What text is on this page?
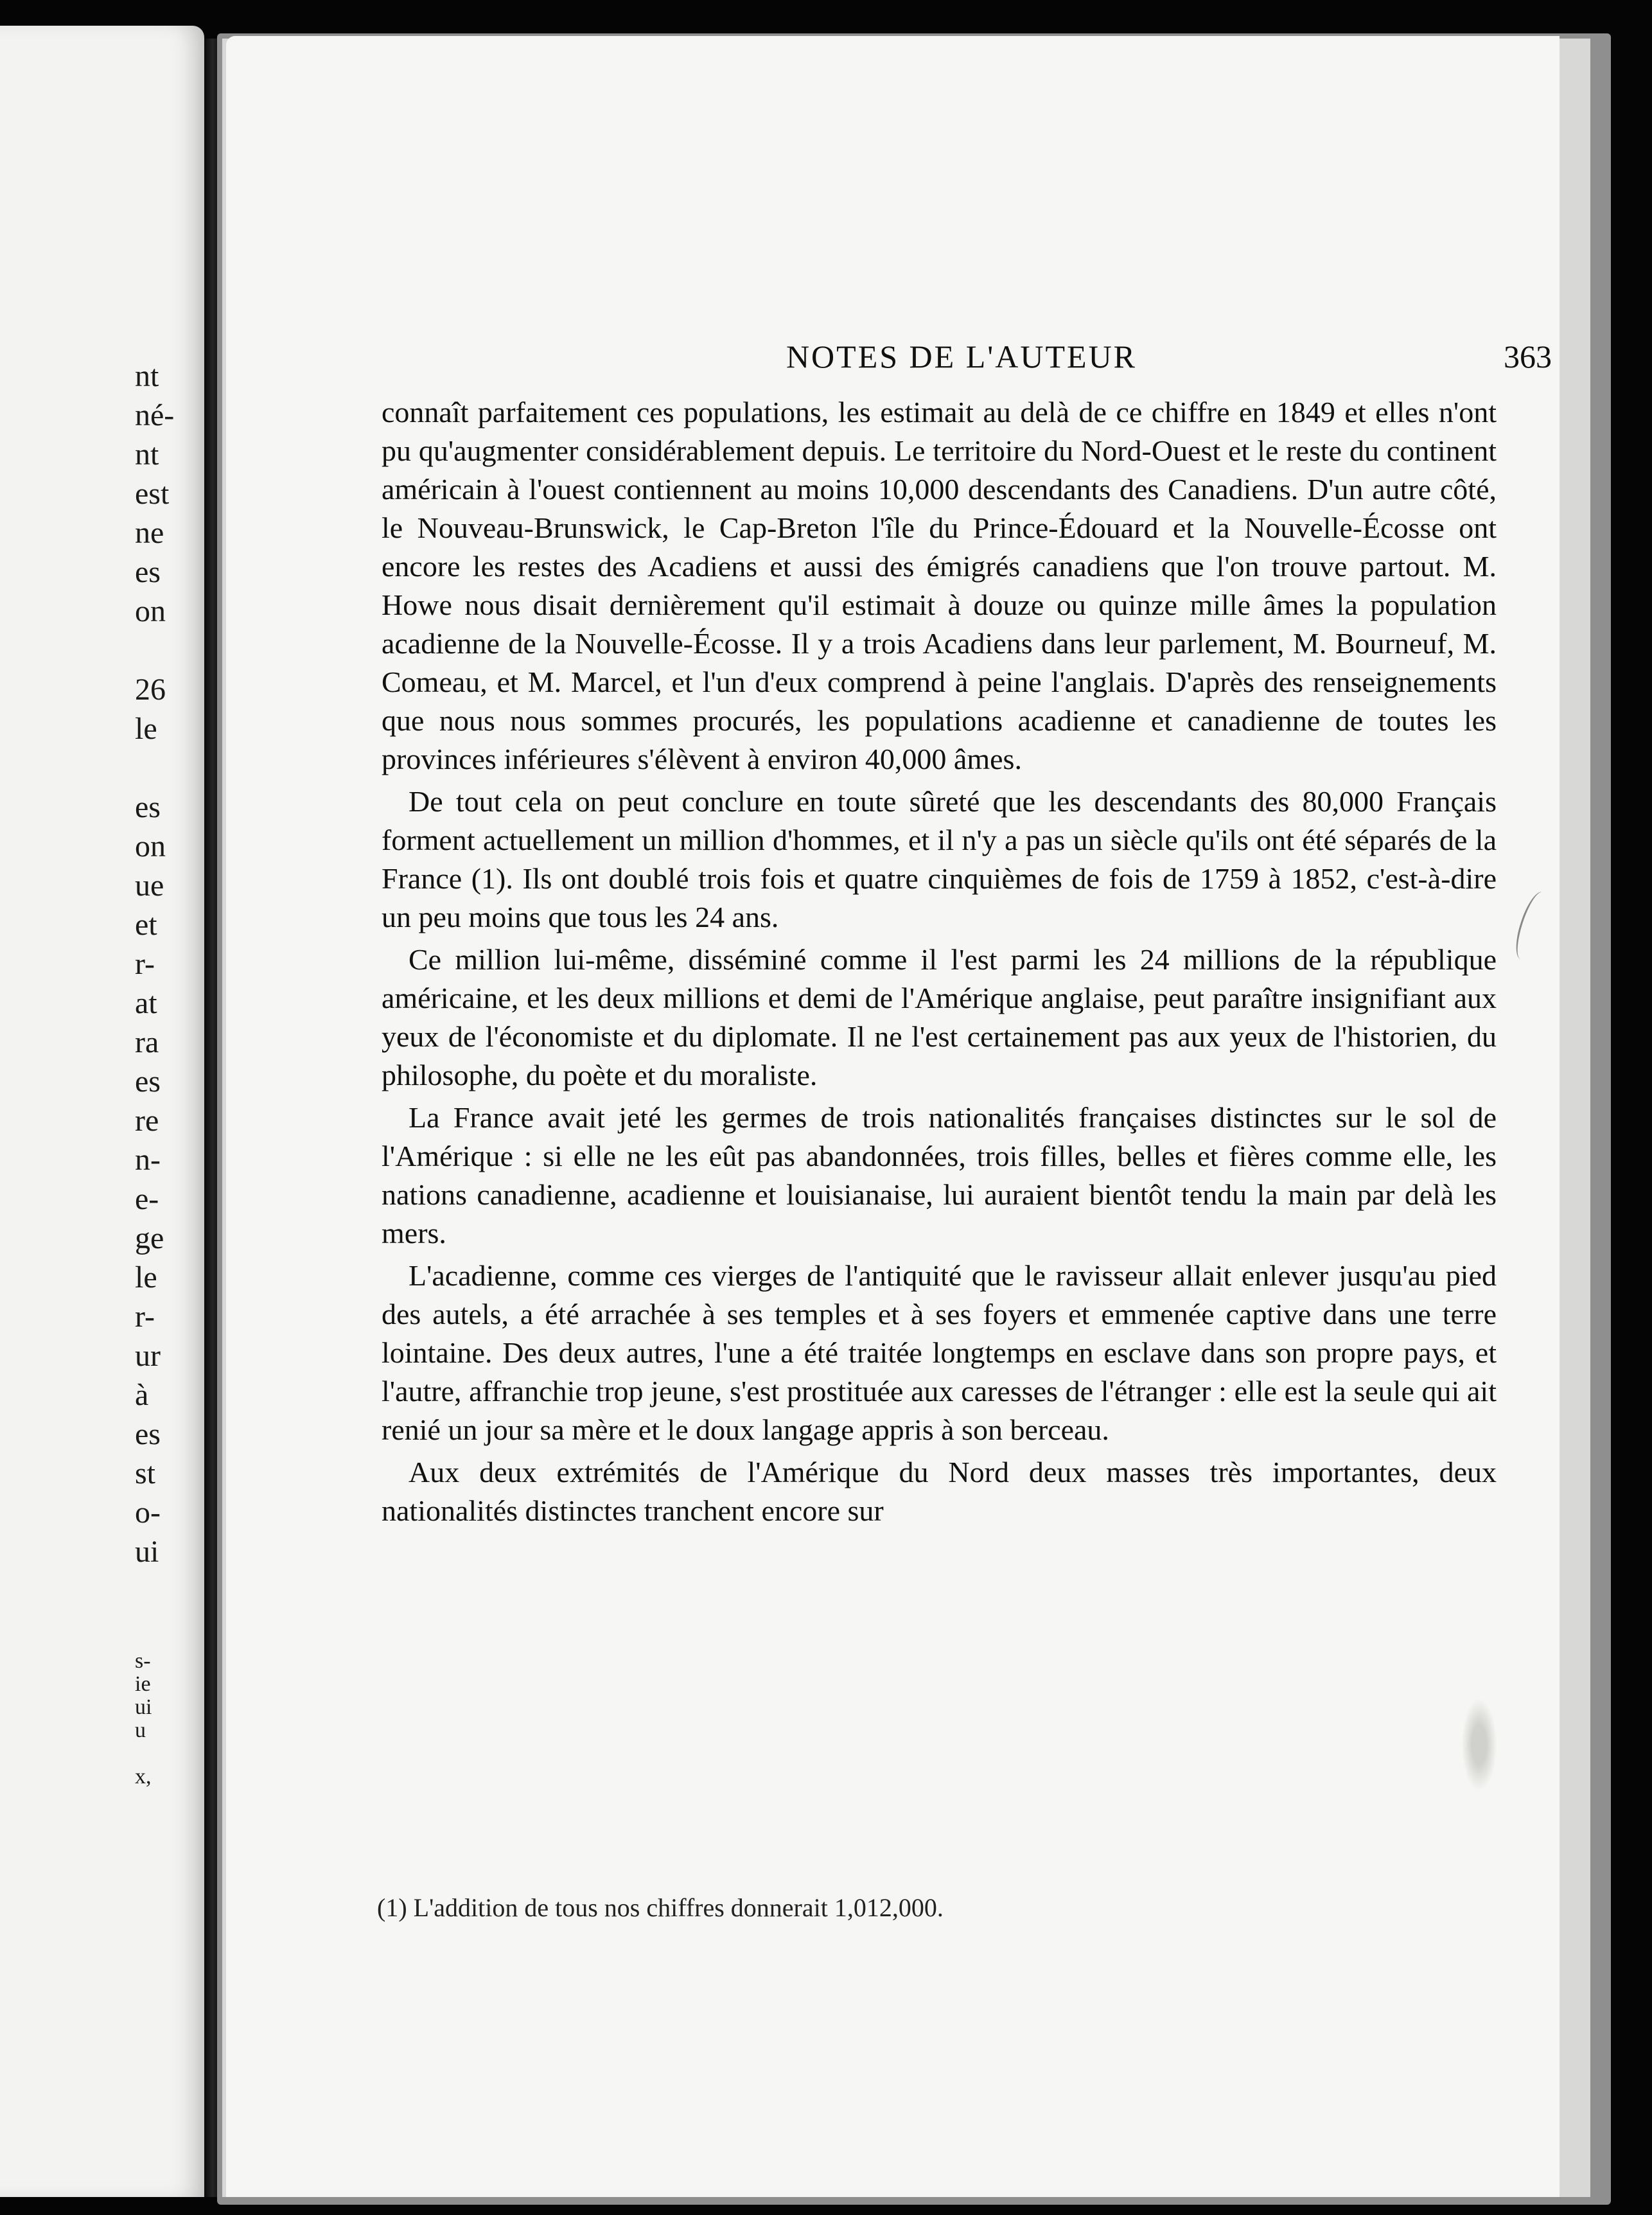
nt
né-
nt
est
ne
es
on
26
le
es
on
ue
et
r-
at
ra
es
re
n-
e-
ge
le
r-
ur
à
es
st
o-
ui
s-
ie
ui
u
x,
NOTES DE L'AUTEUR	363

connaît parfaitement ces populations, les estimait au delà de ce chiffre en 1849 et elles n'ont pu qu'augmenter considérablement depuis. Le territoire du Nord-Ouest et le reste du continent américain à l'ouest contiennent au moins 10,000 descendants des Canadiens. D'un autre côté, le Nouveau-Brunswick, le Cap-Breton l'île du Prince-Édouard et la Nouvelle-Écosse ont encore les restes des Acadiens et aussi des émigrés canadiens que l'on trouve partout. M. Howe nous disait dernièrement qu'il estimait à douze ou quinze mille âmes la population acadienne de la Nouvelle-Écosse. Il y a trois Acadiens dans leur parlement, M. Bourneuf, M. Comeau, et M. Marcel, et l'un d'eux comprend à peine l'anglais. D'après des renseignements que nous nous sommes procurés, les populations acadienne et canadienne de toutes les provinces inférieures s'élèvent à environ 40,000 âmes.

De tout cela on peut conclure en toute sûreté que les descendants des 80,000 Français forment actuellement un million d'hommes, et il n'y a pas un siècle qu'ils ont été séparés de la France (1). Ils ont doublé trois fois et quatre cinquièmes de fois de 1759 à 1852, c'est-à-dire un peu moins que tous les 24 ans.

Ce million lui-même, disséminé comme il l'est parmi les 24 millions de la république américaine, et les deux millions et demi de l'Amérique anglaise, peut paraître insignifiant aux yeux de l'économiste et du diplomate. Il ne l'est certainement pas aux yeux de l'historien, du philosophe, du poète et du moraliste.

La France avait jeté les germes de trois nationalités françaises distinctes sur le sol de l'Amérique : si elle ne les eût pas abandonnées, trois filles, belles et fières comme elle, les nations canadienne, acadienne et louisianaise, lui auraient bientôt tendu la main par delà les mers.

L'acadienne, comme ces vierges de l'antiquité que le ravisseur allait enlever jusqu'au pied des autels, a été arrachée à ses temples et à ses foyers et emmenée captive dans une terre lointaine. Des deux autres, l'une a été traitée longtemps en esclave dans son propre pays, et l'autre, affranchie trop jeune, s'est prostituée aux caresses de l'étranger : elle est la seule qui ait renié un jour sa mère et le doux langage appris à son berceau.

Aux deux extrémités de l'Amérique du Nord deux masses très importantes, deux nationalités distinctes tranchent encore sur

(1) L'addition de tous nos chiffres donnerait 1,012,000.
